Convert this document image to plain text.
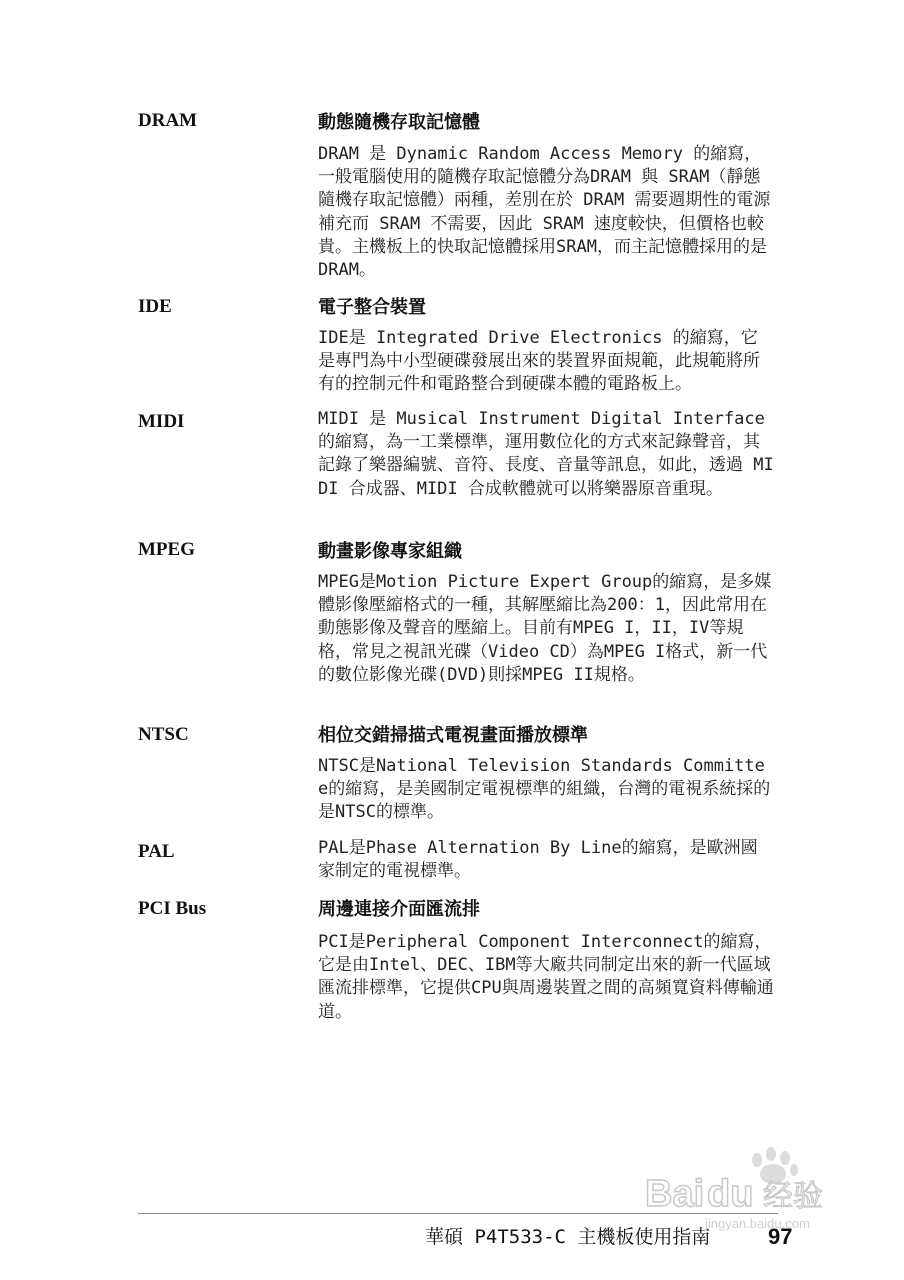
DRAM	動態隨機存取記憶體
DRAM 是 Dynamic Random Access Memory 的縮寫，一般電腦使用的隨機存取記憶體分為DRAM 與 SRAM（靜態隨機存取記憶體）兩種，差別在於 DRAM 需要週期性的電源補充而 SRAM 不需要，因此 SRAM 速度較快，但價格也較貴。主機板上的快取記憶體採用SRAM，而主記憶體採用的是 DRAM。
IDE	電子整合裝置
IDE是 Integrated Drive Electronics 的縮寫，它是專門為中小型硬碟發展出來的裝置界面規範，此規範將所有的控制元件和電路整合到硬碟本體的電路板上。
MIDI	MIDI 是 Musical Instrument Digital Interface 的縮寫，為一工業標準，運用數位化的方式來記錄聲音，其記錄了樂器編號、音符、長度、音量等訊息，如此，透過 MIDI 合成器、MIDI 合成軟體就可以將樂器原音重現。
MPEG	動畫影像專家組織
MPEG是Motion Picture Expert Group的縮寫，是多媒體影像壓縮格式的一種，其解壓縮比為200：1，因此常用在動態影像及聲音的壓縮上。目前有MPEG I，II，IV等規格，常見之視訊光碟（Video CD）為MPEG I格式，新一代的數位影像光碟(DVD)則採MPEG II規格。
NTSC	相位交錯掃描式電視畫面播放標準
NTSC是National Television Standards Committee的縮寫，是美國制定電視標準的組織，台灣的電視系統採的是NTSC的標準。
PAL	PAL是Phase Alternation By Line的縮寫，是歐洲國家制定的電視標準。
PCI Bus	周邊連接介面匯流排
PCI是Peripheral Component Interconnect的縮寫，它是由Intel、DEC、IBM等大廠共同制定出來的新一代區域匯流排標準，它提供CPU與周邊裝置之間的高頻寬資料傳輸通道。
華碩 P4T533-C 主機板使用指南	97
Bai du 经验
jingyan.baidu.com
